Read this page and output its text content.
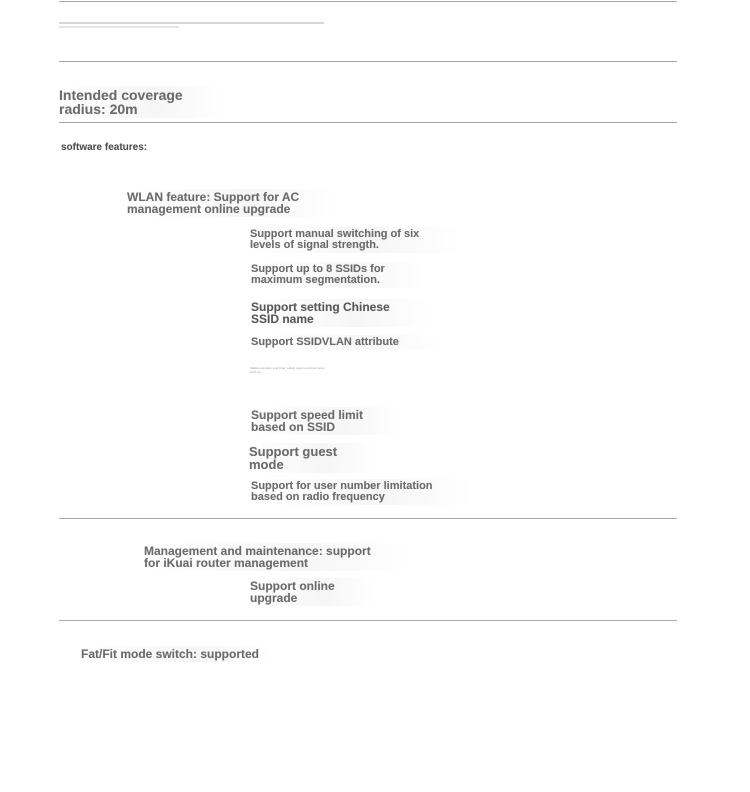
Intended coverage
radius: 20m
software features:
WLAN feature: Support for AC
management online upgrade
Support manual switching of six
levels of signal strength.
Support up to 8 SSIDs for
maximum segmentation.
Support setting Chinese
SSID name
Support SSIDVLAN attribute
Stable operation over time, widely used in environments
such as ...
Support speed limit
based on SSID
Support guest
mode
Support for user number limitation
based on radio frequency
Management and maintenance: support
for iKuai router management
Support online
upgrade
Fat/Fit mode switch: supported
